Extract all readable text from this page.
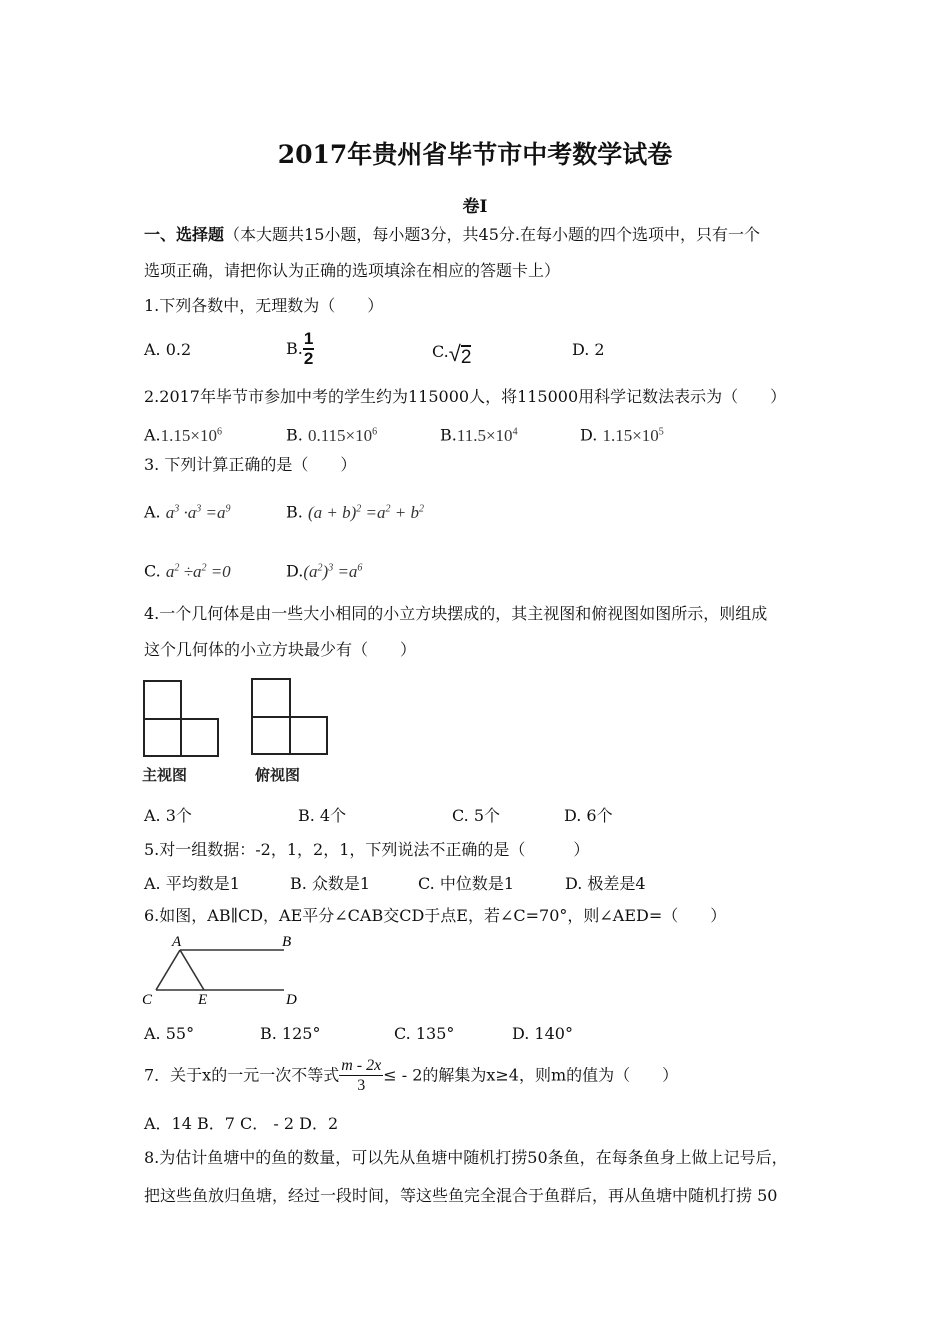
2017年贵州省毕节市中考数学试卷
卷Ⅰ
一、选择题（本大题共15小题，每小题3分，共45分.在每小题的四个选项中，只有一个
选项正确，请把你认为正确的选项填涂在相应的答题卡上）
1.下列各数中，无理数为（　　）
A. 0.2	B. $\frac{1}{2}$	C.√2	D. 2
2.2017年毕节市参加中考的学生约为115000人，将115000用科学记数法表示为（　　）
$A.1.15\times 10^6$	B. $0.115\times 10^6$	$B.11.5\times 10^4$	D. $1.15\times 10^5$
3. 下列计算正确的是（　　）
A. $a^3 \cdot a^3 =a^9$	B. $(a + b)^2 =a^2 + b^2$
C. $a^2 \div a^2 =0$	$D.(a^2)^3 =a^6$
4.一个几何体是由一些大小相同的小立方块摆成的，其主视图和俯视图如图所示，则组成
这个几何体的小立方块最少有（　　）
主视图	俯视图
A. 3个	B. 4个	C. 5个	D. 6个
5.对一组数据：-2，1，2，1，下列说法不正确的是（　　　）
A. 平均数是1	B. 众数是1	C. 中位数是1	D. 极差是4
6.如图，AB∥CD，AE平分∠CAB交CD于点E，若∠C=70°，则∠AED=（　　）
A	B
C	E	D
A. 55°	B. 125°	C. 135°	D. 140°
7．关于x的一元一次不等式 $\frac{m - 2x}{3}\le - 2$的解集为x≥4，则m的值为（　　）
A．14 B．7 C． - 2 D．2
8.为估计鱼塘中的鱼的数量，可以先从鱼塘中随机打捞50条鱼，在每条鱼身上做上记号后，
把这些鱼放归鱼塘，经过一段时间，等这些鱼完全混合于鱼群后，再从鱼塘中随机打捞 50
